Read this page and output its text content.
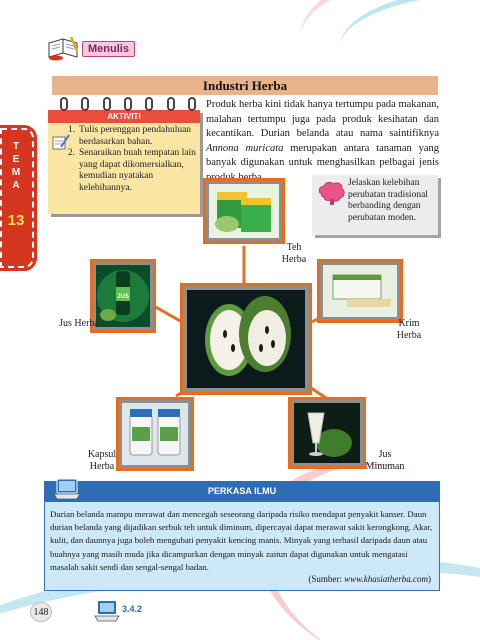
Menulis
T
E
M
A
13
Industri Herba
AKTIVITI
1. Tulis perenggan pendahuluan berdasarkan bahan.
2. Senaraikan buah tempatan lain yang dapat dikomersialkan, kemudian nyatakan kelebihannya.

Produk herba kini tidak hanya tertumpu pada makanan, malahan tertumpu juga pada produk kesihatan dan kecantikan. Durian belanda atau nama saintifiknya Annona muricata merupakan antara tanaman yang banyak digunakan untuk menghasilkan pelbagai jenis

Jelaskan kelebihan perubatan tradisional berbanding dengan perubatan moden.
Teh Herba
JUS
Jus Herba	Krim Herba
Kapsul Herba
Jus Minuman
PERKASA ILMU

Durian belanda mampu merawat dan mencegah seseorang daripada risiko mendapat penyakit kanser. Daun durian belanda yang dijadikan serbuk teh untuk diminum, dipercayai dapat merawat sakit kerongkong. Akar, kulit, dan daunnya juga boleh mengubati penyakit kencing manis. Minyak yang terhasil daripada daun atau buahnya yang masih muda jika dicampurkan dengan minyak zaitun dapat digunakan untuk mengatasi masalah sakit sendi dan sengal-sengal badan.

(Sumber: www.khasiatherba.com)

148	3.4.2
